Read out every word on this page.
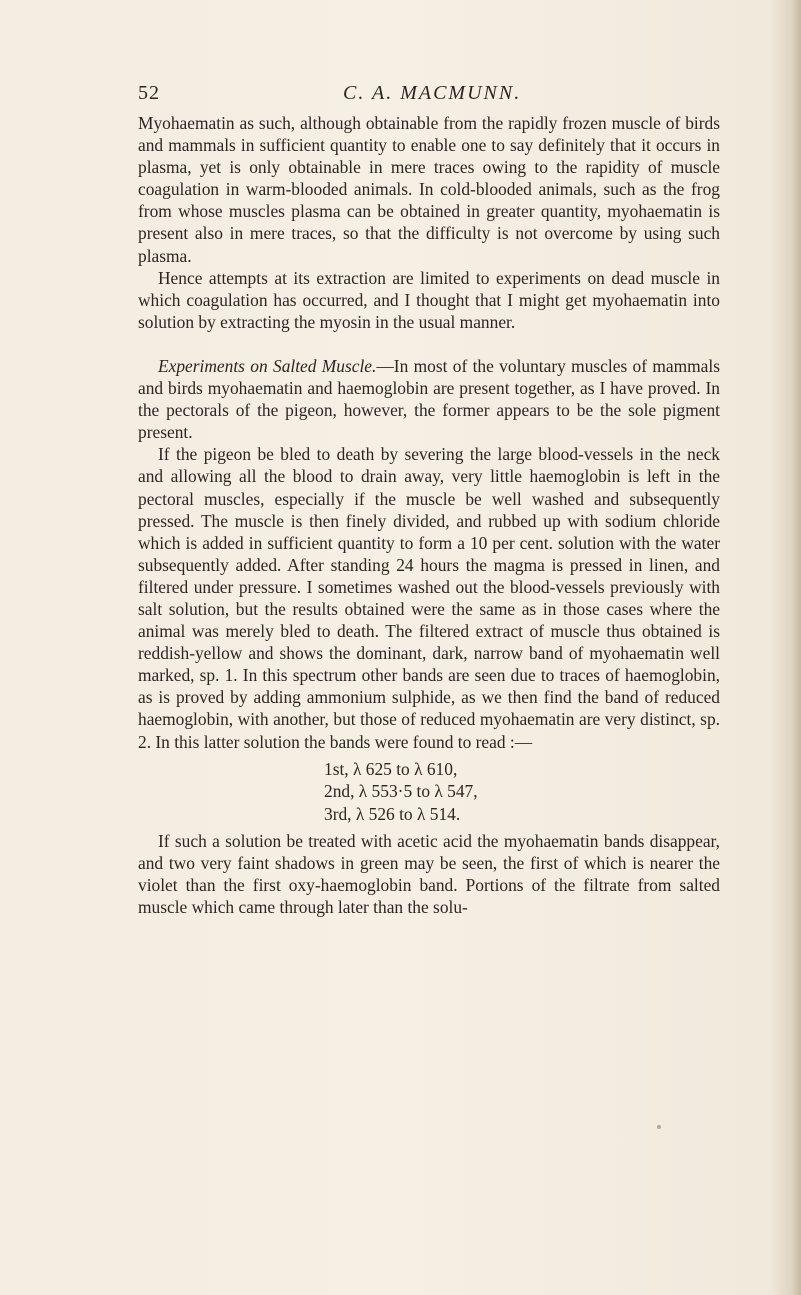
52	C. A. MACMUNN.

Myohaematin as such, although obtainable from the rapidly frozen muscle of birds and mammals in sufficient quantity to enable one to say definitely that it occurs in plasma, yet is only obtainable in mere traces owing to the rapidity of muscle coagulation in warm-blooded animals. In cold-blooded animals, such as the frog from whose muscles plasma can be obtained in greater quantity, myohaematin is present also in mere traces, so that the difficulty is not overcome by using such plasma.

Hence attempts at its extraction are limited to experiments on dead muscle in which coagulation has occurred, and I thought that I might get myohaematin into solution by extracting the myosin in the usual manner.

Experiments on Salted Muscle.—In most of the voluntary muscles of mammals and birds myohaematin and haemoglobin are present together, as I have proved. In the pectorals of the pigeon, however, the former appears to be the sole pigment present.

If the pigeon be bled to death by severing the large blood-vessels in the neck and allowing all the blood to drain away, very little haemoglobin is left in the pectoral muscles, especially if the muscle be well washed and subsequently pressed. The muscle is then finely divided, and rubbed up with sodium chloride which is added in sufficient quantity to form a 10 per cent. solution with the water subsequently added. After standing 24 hours the magma is pressed in linen, and filtered under pressure. I sometimes washed out the blood-vessels previously with salt solution, but the results obtained were the same as in those cases where the animal was merely bled to death. The filtered extract of muscle thus obtained is reddish-yellow and shows the dominant, dark, narrow band of myohaematin well marked, sp. 1. In this spectrum other bands are seen due to traces of haemoglobin, as is proved by adding ammonium sulphide, as we then find the band of reduced haemoglobin, with another, but those of reduced myohaematin are very distinct, sp. 2. In this latter solution the bands were found to read :—

1st, λ 625 to λ 610,
2nd, λ 553·5 to λ 547,
3rd, λ 526 to λ 514.

If such a solution be treated with acetic acid the myohaematin bands disappear, and two very faint shadows in green may be seen, the first of which is nearer the violet than the first oxy-haemoglobin band. Portions of the filtrate from salted muscle which came through later than the solu-
